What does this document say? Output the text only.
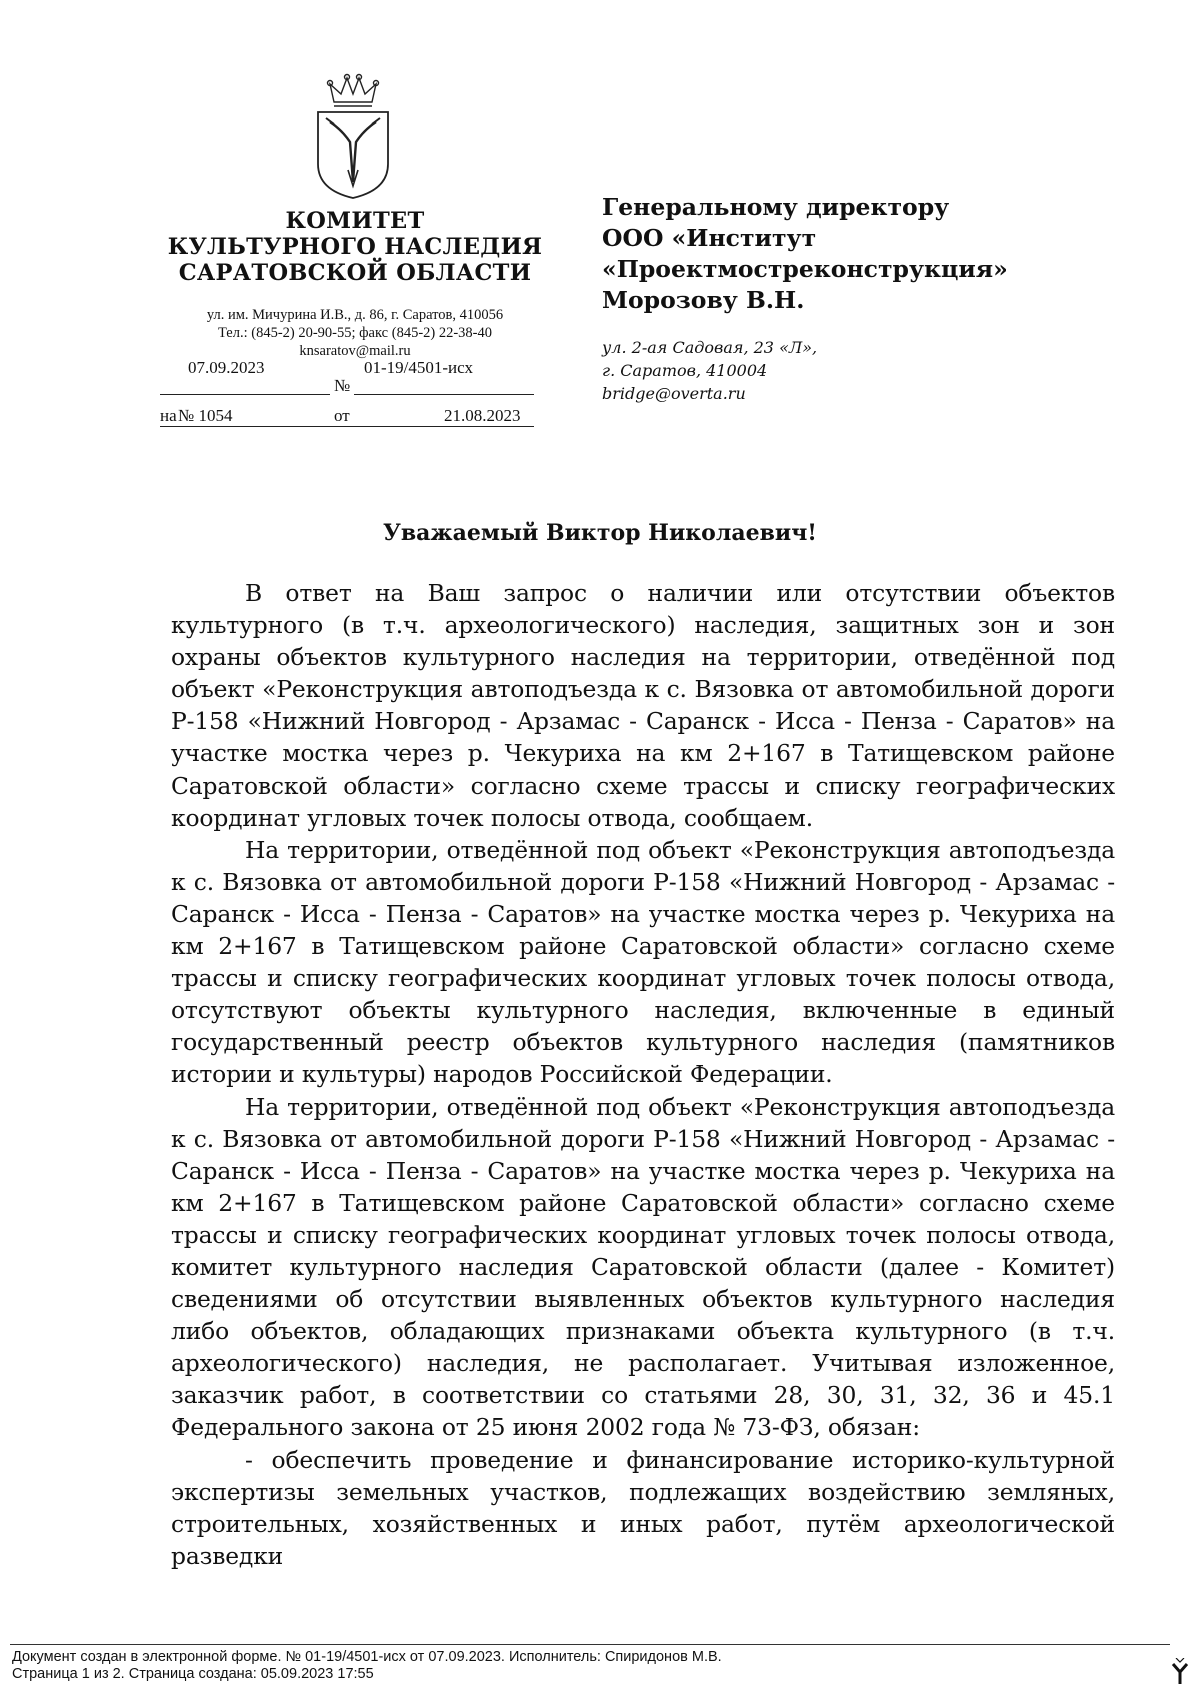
КОМИТЕТ
КУЛЬТУРНОГО НАСЛЕДИЯ
САРАТОВСКОЙ ОБЛАСТИ
ул. им. Мичурина И.В., д. 86, г. Саратов, 410056
Тел.: (845-2) 20-90-55; факс (845-2) 22-38-40
knsaratov@mail.ru
07.09.2023
№
01-19/4501-исх
на № 1054	от	21.08.2023
Генеральному директору
ООО «Институт
«Проектмостреконструкция»
Морозову В.Н.
ул. 2-ая Садовая, 23 «Л»,
г. Саратов, 410004
bridge@overta.ru
Уважаемый Виктор Николаевич!

В ответ на Ваш запрос о наличии или отсутствии объектов культурного (в т.ч. археологического) наследия, защитных зон и зон охраны объектов культурного наследия на территории, отведённой под объект «Реконструкция автоподъезда к с. Вязовка от автомобильной дороги Р-158 «Нижний Новгород - Арзамас - Саранск - Исса - Пенза - Саратов» на участке мостка через р. Чекуриха на км 2+167 в Татищевском районе Саратовской области» согласно схеме трассы и списку географических координат угловых точек полосы отвода, сообщаем.

На территории, отведённой под объект «Реконструкция автоподъезда к с. Вязовка от автомобильной дороги Р-158 «Нижний Новгород - Арзамас - Саранск - Исса - Пенза - Саратов» на участке мостка через р. Чекуриха на км 2+167 в Татищевском районе Саратовской области» согласно схеме трассы и списку географических координат угловых точек полосы отвода, отсутствуют объекты культурного наследия, включенные в единый государственный реестр объектов культурного наследия (памятников истории и культуры) народов Российской Федерации.

На территории, отведённой под объект «Реконструкция автоподъезда к с. Вязовка от автомобильной дороги Р-158 «Нижний Новгород - Арзамас - Саранск - Исса - Пенза - Саратов» на участке мостка через р. Чекуриха на км 2+167 в Татищевском районе Саратовской области» согласно схеме трассы и списку географических координат угловых точек полосы отвода, комитет культурного наследия Саратовской области (далее - Комитет) сведениями об отсутствии выявленных объектов культурного наследия либо объектов, обладающих признаками объекта культурного (в т.ч. археологического) наследия, не располагает. Учитывая изложенное, заказчик работ, в соответствии со статьями 28, 30, 31, 32, 36 и 45.1 Федерального закона от 25 июня 2002 года № 73-ФЗ, обязан:

- обеспечить проведение и финансирование историко-культурной экспертизы земельных участков, подлежащих воздействию земляных, строительных, хозяйственных и иных работ, путём археологической разведки

Документ создан в электронной форме. № 01-19/4501-исх от 07.09.2023. Исполнитель: Спиридонов М.В.
Страница 1 из 2. Страница создана: 05.09.2023 17:55
